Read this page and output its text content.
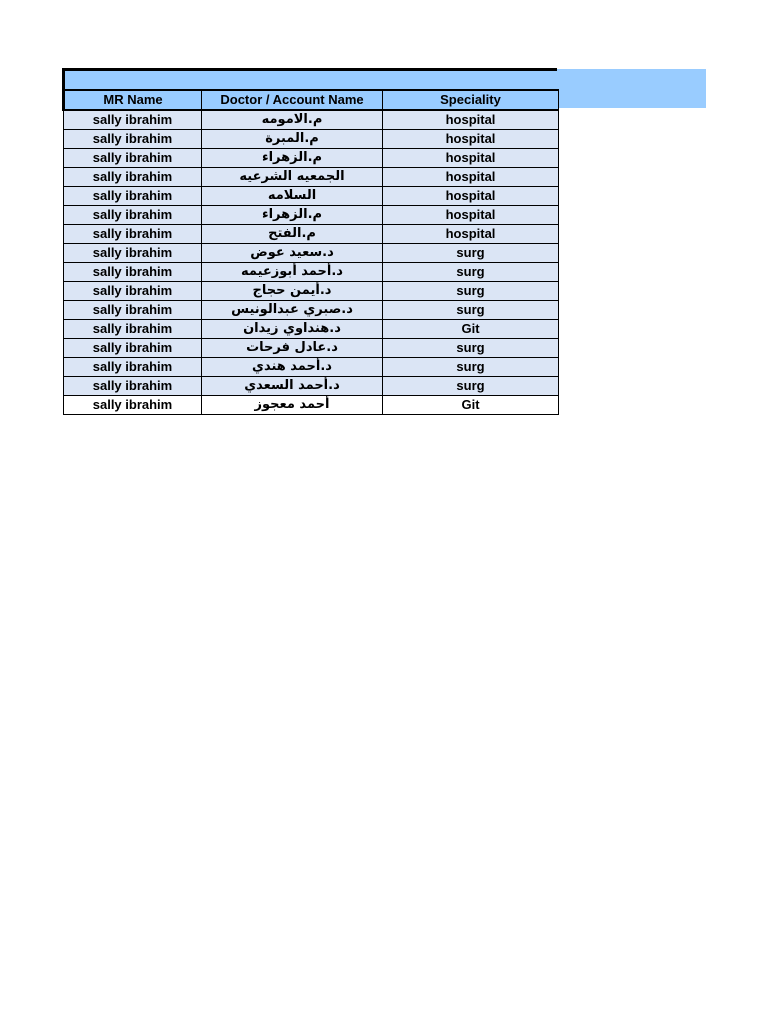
MR Name	Doctor / Account Name	Speciality
sally ibrahim	م.الامومه	hospital
sally ibrahim	م.المبرة	hospital
sally ibrahim	م.الزهراء	hospital
sally ibrahim	الجمعيه الشرعيه	hospital
sally ibrahim	السلامه	hospital
sally ibrahim	م.الزهراء	hospital
sally ibrahim	م.الفتح	hospital
sally ibrahim	د.سعيد عوض	surg
sally ibrahim	د.أحمد أبوزعيمه	surg
sally ibrahim	د.أيمن حجاج	surg
sally ibrahim	د.صبري عبدالونيس	surg
sally ibrahim	د.هنداوي زيدان	Git
sally ibrahim	د.عادل فرحات	surg
sally ibrahim	د.أحمد هندي	surg
sally ibrahim	د.أحمد السعدي	surg
sally ibrahim	أحمد معجوز	Git
